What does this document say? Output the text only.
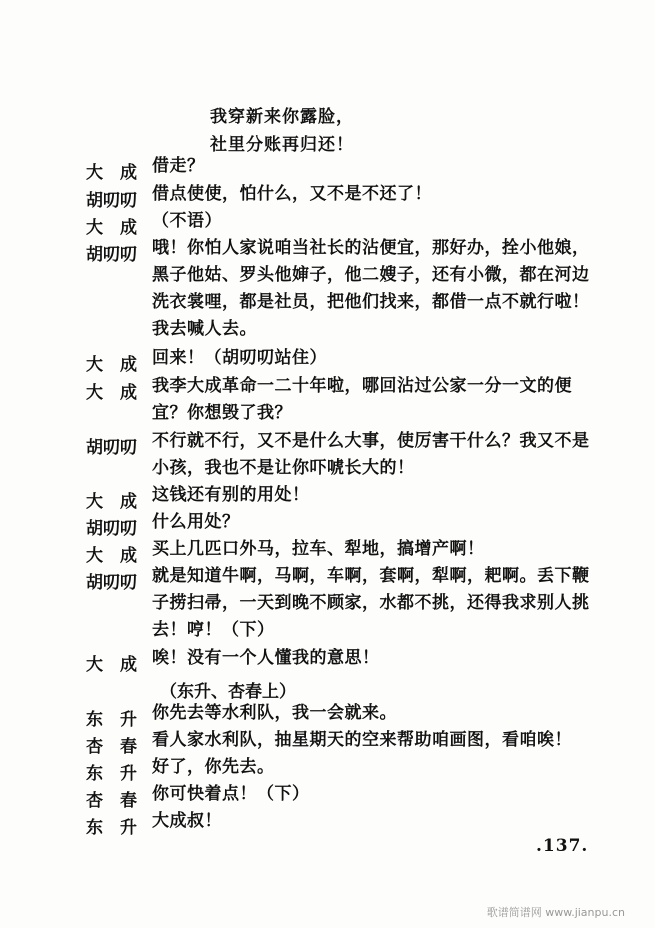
我穿新来你露脸，
社里分账再归还！
大　成 借走？
胡叨叨 借点使使，怕什么，又不是不还了！
大　成 （不语）
胡叨叨 哦！你怕人家说咱当社长的沾便宜，那好办，拴小他娘，黑子他姑、罗头他婶子，他二嫂子，还有小微，都在河边洗衣裳哩，都是社员，把他们找来，都借一点不就行啦！我去喊人去。
大　成 回来！（胡叨叨站住）
大　成 我李大成革命一二十年啦，哪回沾过公家一分一文的便宜？你想毁了我？
胡叨叨 不行就不行，又不是什么大事，使厉害干什么？我又不是小孩，我也不是让你吓唬长大的！
大　成 这钱还有别的用处！
胡叨叨 什么用处？
大　成 买上几匹口外马，拉车、犁地，搞增产啊！
胡叨叨 就是知道牛啊，马啊，车啊，套啊，犁啊，耙啊。丢下鞭子捞扫帚，一天到晚不顾家，水都不挑，还得我求别人挑去！哼！（下）
大　成 唉！没有一个人懂我的意思！
（东升、杏春上）
东　升 你先去等水利队，我一会就来。
杏　春 看人家水利队，抽星期天的空来帮助咱画图，看咱唉！
东　升 好了，你先去。
杏　春 你可快着点！（下）
东　升 大成叔！
.137.
歌谱简谱网 www.jianpu.cn
